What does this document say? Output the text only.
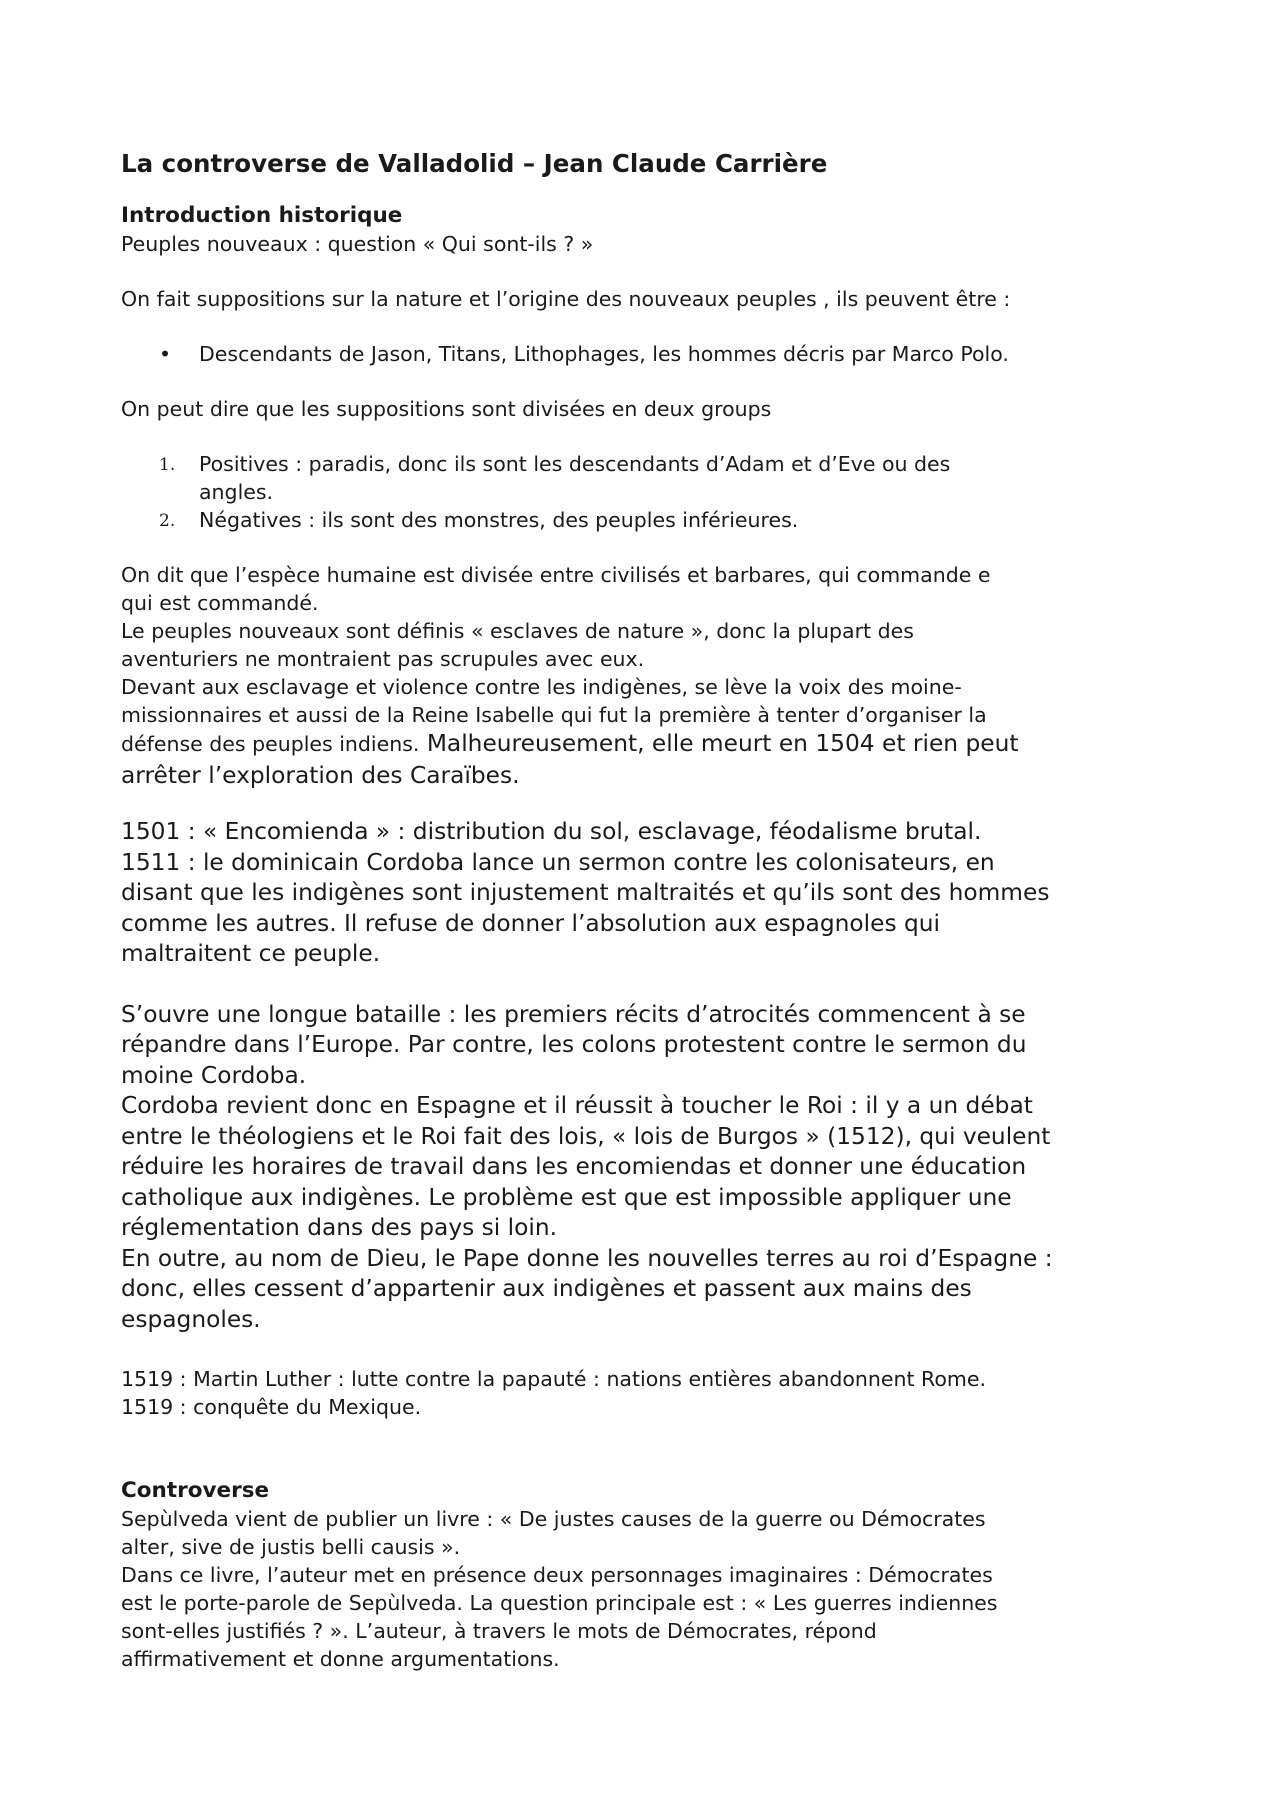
La controverse de Valladolid – Jean Claude Carrière
Introduction historique

Peuples nouveaux : question « Qui sont-ils ? »

On fait suppositions sur la nature et l’origine des nouveaux peuples , ils peuvent être :

• Descendants de Jason, Titans, Lithophages, les hommes décris par Marco Polo.

On peut dire que les suppositions sont divisées en deux groups

1. Positives : paradis, donc ils sont les descendants d’Adam et d’Eve ou des
angles.
2. Négatives : ils sont des monstres, des peuples inférieures.

On dit que l’espèce humaine est divisée entre civilisés et barbares, qui commande e

qui est commandé.

Le peuples nouveaux sont définis « esclaves de nature », donc la plupart des

aventuriers ne montraient pas scrupules avec eux.

Devant aux esclavage et violence contre les indigènes, se lève la voix des moine-

missionnaires et aussi de la Reine Isabelle qui fut la première à tenter d’organiser la

défense des peuples indiens. Malheureusement, elle meurt en 1504 et rien peut

arrêter l’exploration des Caraïbes.

1501 : « Encomienda » : distribution du sol, esclavage, féodalisme brutal.

1511 : le dominicain Cordoba lance un sermon contre les colonisateurs, en

disant que les indigènes sont injustement maltraités et qu’ils sont des hommes

comme les autres. Il refuse de donner l’absolution aux espagnoles qui

maltraitent ce peuple.

S’ouvre une longue bataille : les premiers récits d’atrocités commencent à se

répandre dans l’Europe. Par contre, les colons protestent contre le sermon du

moine Cordoba.

Cordoba revient donc en Espagne et il réussit à toucher le Roi : il y a un débat

entre le théologiens et le Roi fait des lois, « lois de Burgos » (1512), qui veulent

réduire les horaires de travail dans les encomiendas et donner une éducation

catholique aux indigènes. Le problème est que est impossible appliquer une

réglementation dans des pays si loin.

En outre, au nom de Dieu, le Pape donne les nouvelles terres au roi d’Espagne :

donc, elles cessent d’appartenir aux indigènes et passent aux mains des

espagnoles.

1519 : Martin Luther : lutte contre la papauté : nations entières abandonnent Rome.

1519 : conquête du Mexique.

Controverse

Sepùlveda vient de publier un livre : « De justes causes de la guerre ou Démocrates

alter, sive de justis belli causis ».

Dans ce livre, l’auteur met en présence deux personnages imaginaires : Démocrates

est le porte-parole de Sepùlveda. La question principale est : « Les guerres indiennes

sont-elles justifiés ? ». L’auteur, à travers le mots de Démocrates, répond

affirmativement et donne argumentations.
